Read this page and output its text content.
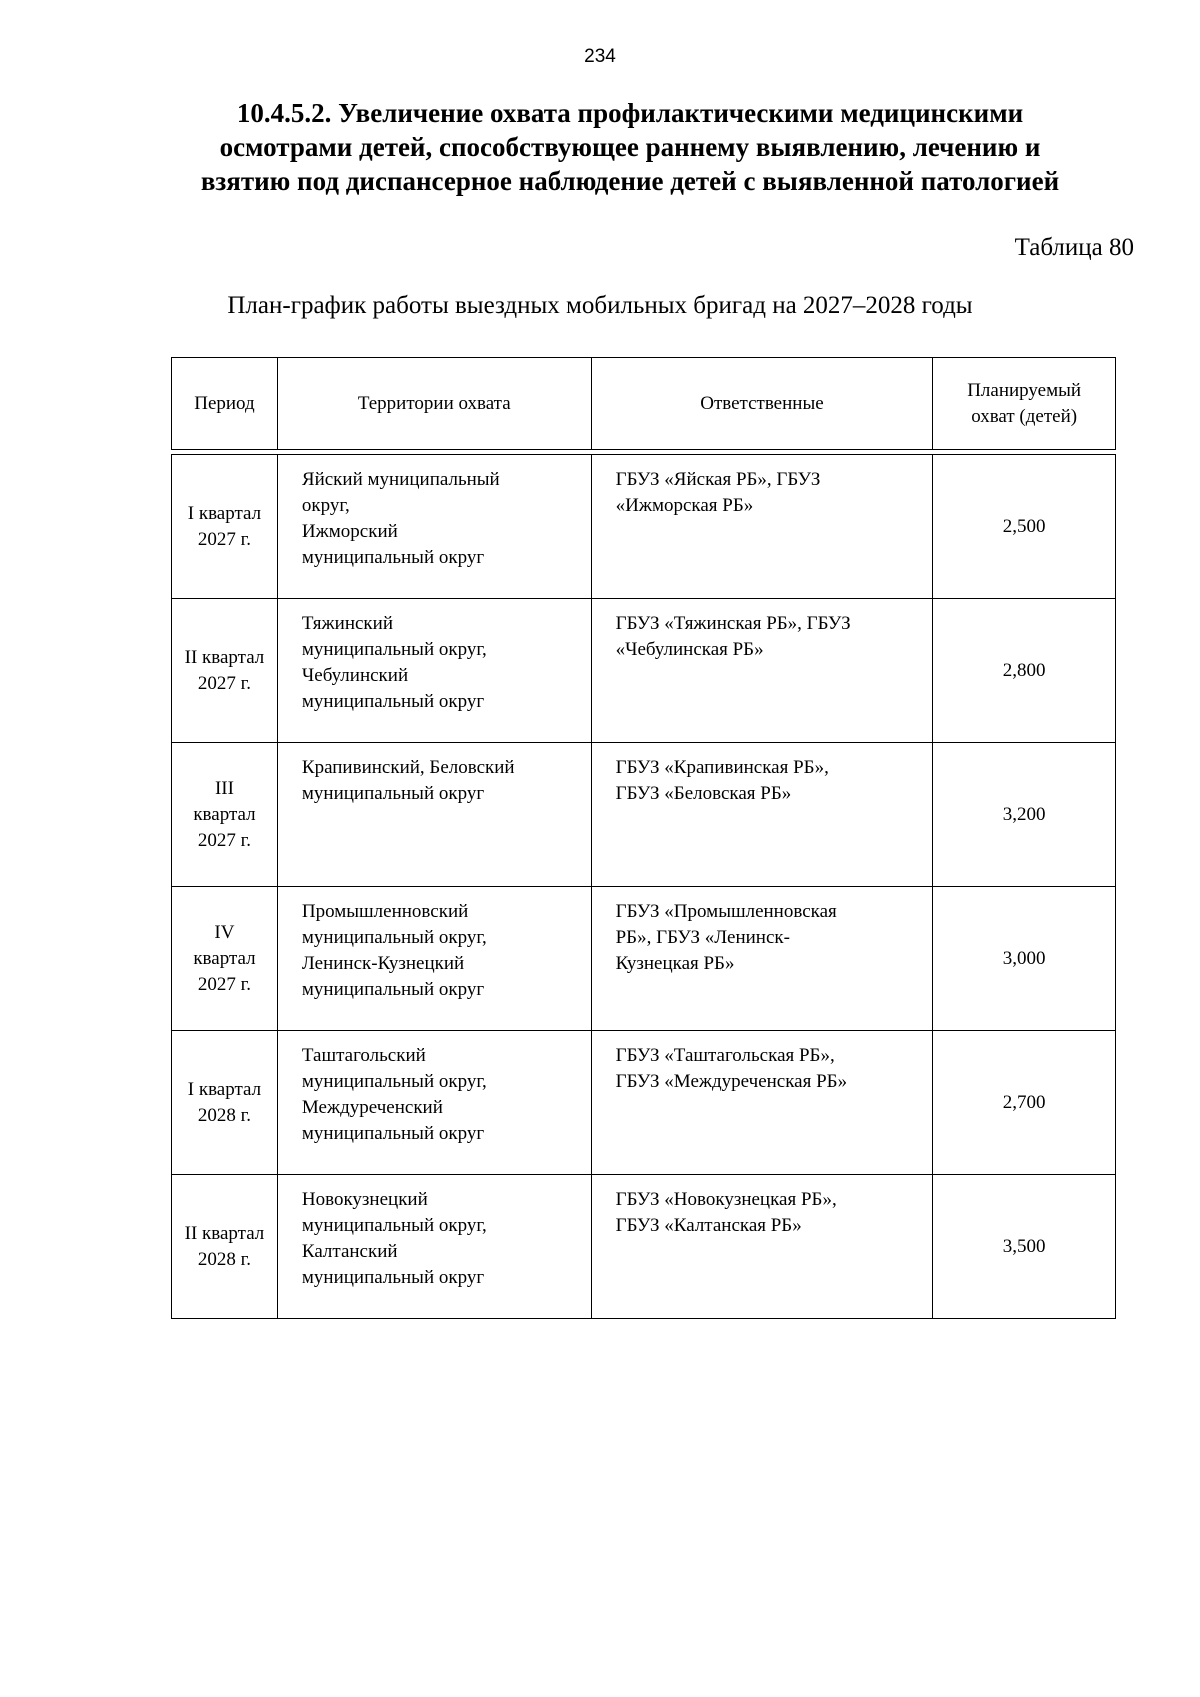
234
10.4.5.2. Увеличение охвата профилактическими медицинскими
осмотрами детей, способствующее раннему выявлению, лечению и
взятию под диспансерное наблюдение детей с выявленной патологией
Таблица 80
План-график работы выездных мобильных бригад на 2027–2028 годы
Период	Территории охвата	Ответственные	Планируемый
охват (детей)

I квартал
2027 г.	Яйский муниципальный
округ,
Ижморский
муниципальный округ	ГБУЗ «Яйская РБ», ГБУЗ
«Ижморская РБ»	2,500

II квартал
2027 г.	Тяжинский
муниципальный округ,
Чебулинский
муниципальный округ	ГБУЗ «Тяжинская РБ», ГБУЗ
«Чебулинская РБ»	2,800

III
квартал
2027 г.	Крапивинский, Беловский
муниципальный округ	ГБУЗ «Крапивинская РБ»,
ГБУЗ «Беловская РБ»	3,200

IV
квартал
2027 г.	Промышленновский
муниципальный округ,
Ленинск-Кузнецкий
муниципальный округ	ГБУЗ «Промышленновская
РБ», ГБУЗ «Ленинск-
Кузнецкая РБ»	3,000

I квартал
2028 г.	Таштагольский
муниципальный округ,
Междуреченский
муниципальный округ	ГБУЗ «Таштагольская РБ»,
ГБУЗ «Междуреченская РБ»	2,700

II квартал
2028 г.	Новокузнецкий
муниципальный округ,
Калтанский
муниципальный округ	ГБУЗ «Новокузнецкая РБ»,
ГБУЗ «Калтанская РБ»	3,500
